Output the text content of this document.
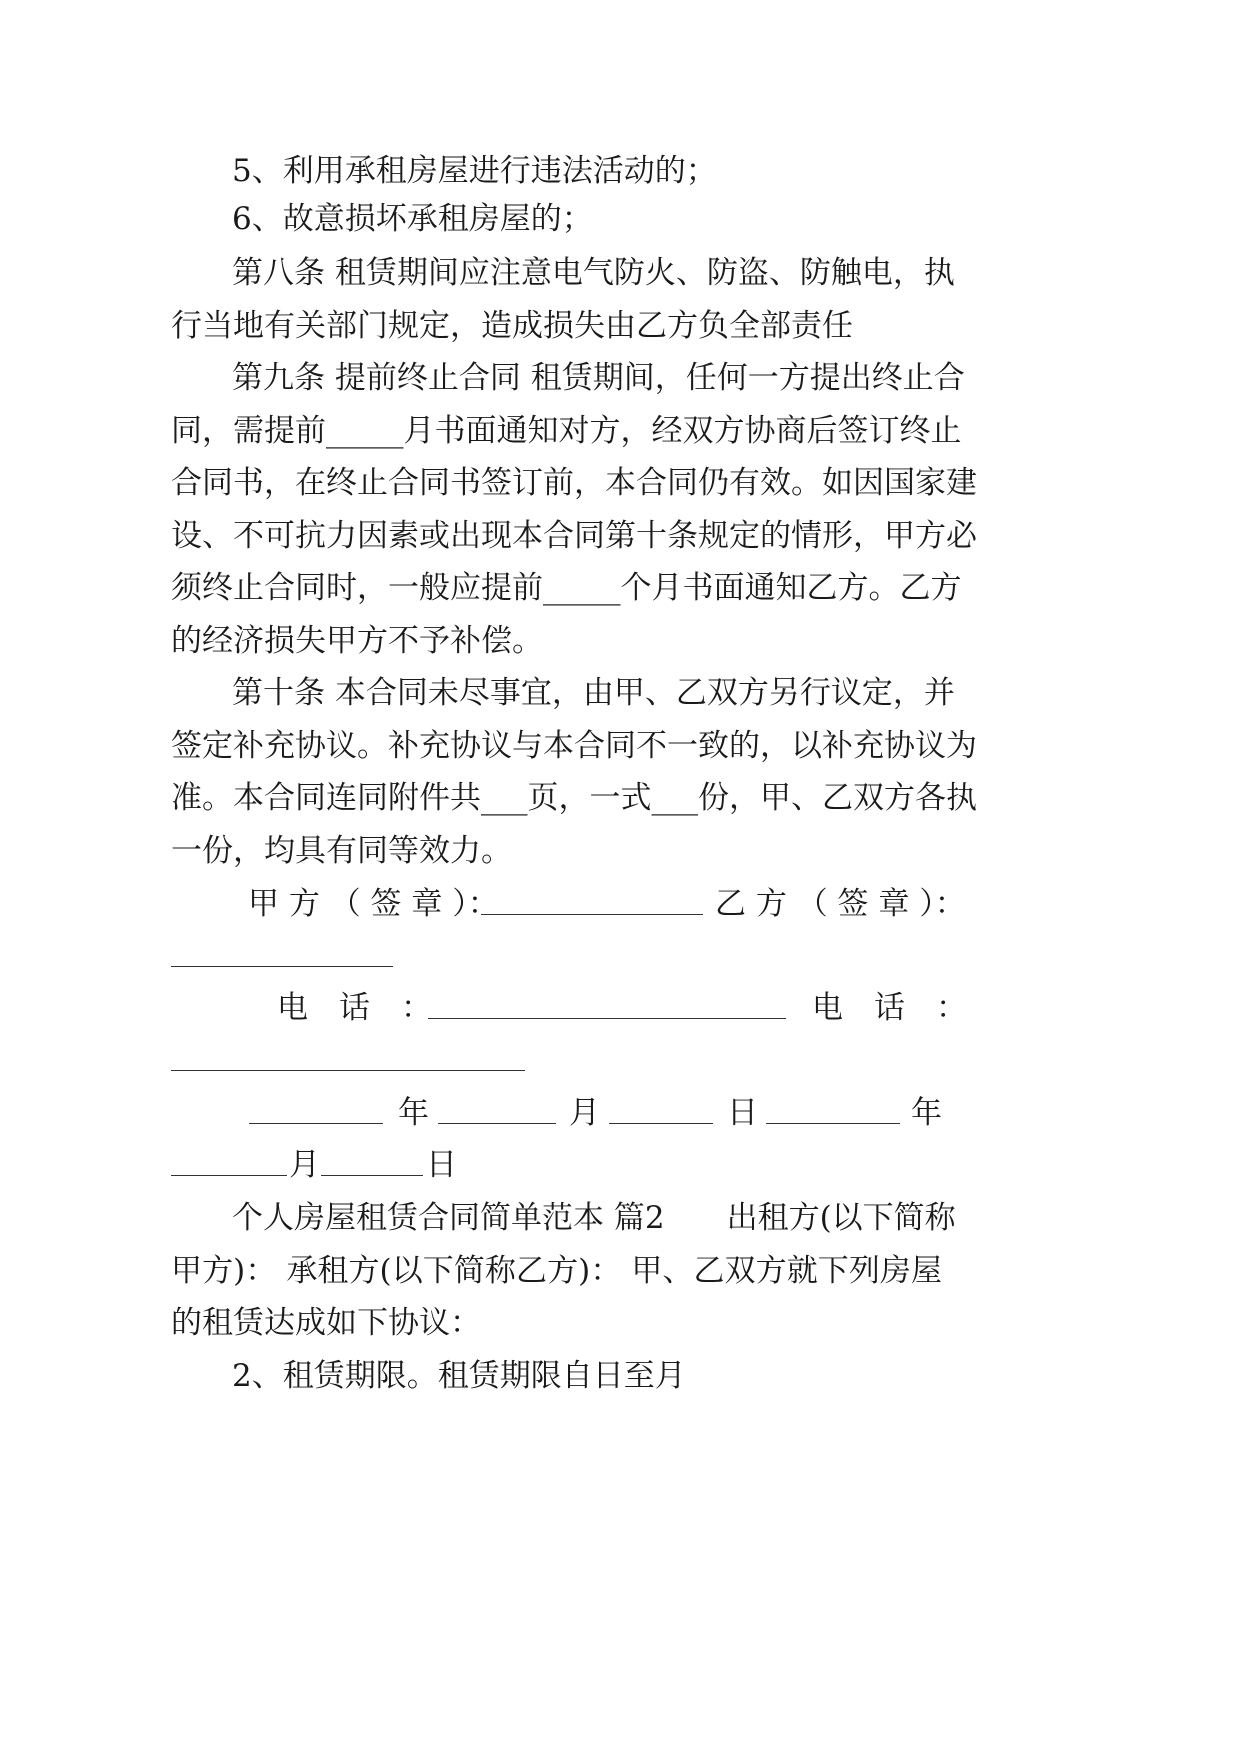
5、利用承租房屋进行违法活动的；
6、故意损坏承租房屋的；
第八条 租赁期间应注意电气防火、防盗、防触电，执
行当地有关部门规定，造成损失由乙方负全部责任
第九条 提前终止合同 租赁期间，任何一方提出终止合
同，需提前_____月书面通知对方，经双方协商后签订终止
合同书，在终止合同书签订前，本合同仍有效。如因国家建
设、不可抗力因素或出现本合同第十条规定的情形，甲方必
须终止合同时，一般应提前_____个月书面通知乙方。乙方
的经济损失甲方不予补偿。
第十条 本合同未尽事宜，由甲、乙双方另行议定，并
签定补充协议。补充协议与本合同不一致的，以补充协议为
准。本合同连同附件共___页，一式___份，甲、乙双方各执
一份，均具有同等效力。
甲 方 （ 签 章 ）：	乙 方 （ 签 章 ）：
电　话　：	电　话　：
年	月	日	年
月	日
个人房屋租赁合同简单范本 篇2　　出租方(以下简称
甲方)： 承租方(以下简称乙方)： 甲、乙双方就下列房屋
的租赁达成如下协议：
2、租赁期限。租赁期限自日至月
